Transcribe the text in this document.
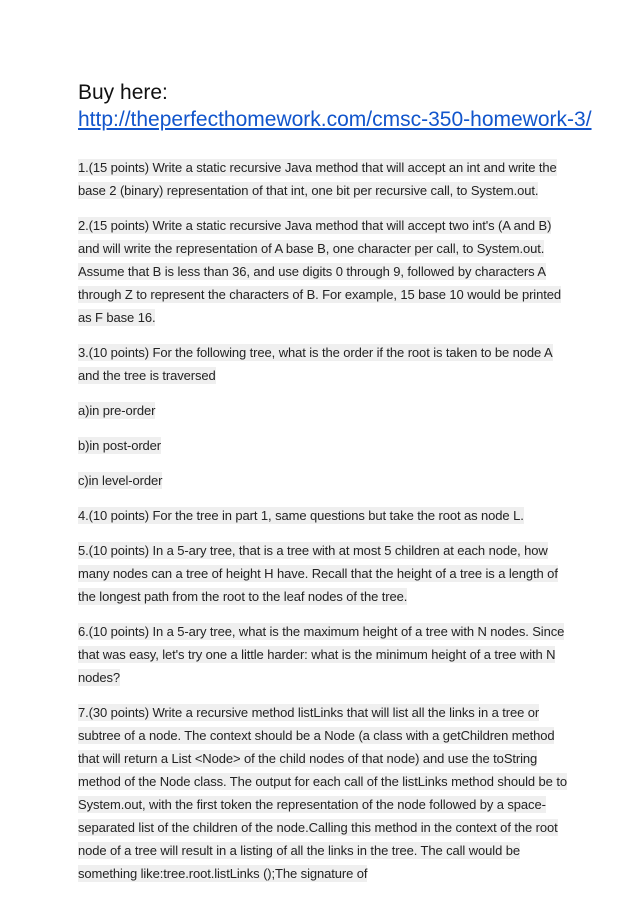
Buy here:

http://theperfecthomework.com/cmsc-350-homework-3/

1.(15 points) Write a static recursive Java method that will accept an int and write the base 2 (binary) representation of that int, one bit per recursive call, to System.out.

2.(15 points) Write a static recursive Java method that will accept two int's (A and B) and will write the representation of A base B, one character per call, to System.out. Assume that B is less than 36, and use digits 0 through 9, followed by characters A through Z to represent the characters of B. For example, 15 base 10 would be printed as F base 16.

3.(10 points) For the following tree, what is the order if the root is taken to be node A and the tree is traversed

a)in pre-order

b)in post-order

c)in level-order

4.(10 points) For the tree in part 1, same questions but take the root as node L.

5.(10 points) In a 5-ary tree, that is a tree with at most 5 children at each node, how many nodes can a tree of height H have. Recall that the height of a tree is a length of the longest path from the root to the leaf nodes of the tree.

6.(10 points) In a 5-ary tree, what is the maximum height of a tree with N nodes. Since that was easy, let's try one a little harder: what is the minimum height of a tree with N nodes?

7.(30 points) Write a recursive method listLinks that will list all the links in a tree or subtree of a node. The context should be a Node (a class with a getChildren method that will return a List <Node> of the child nodes of that node) and use the toString method of the Node class. The output for each call of the listLinks method should be to System.out, with the first token the representation of the node followed by a space-separated list of the children of the node.Calling this method in the context of the root node of a tree will result in a listing of all the links in the tree. The call would be something like:tree.root.listLinks ();The signature of
